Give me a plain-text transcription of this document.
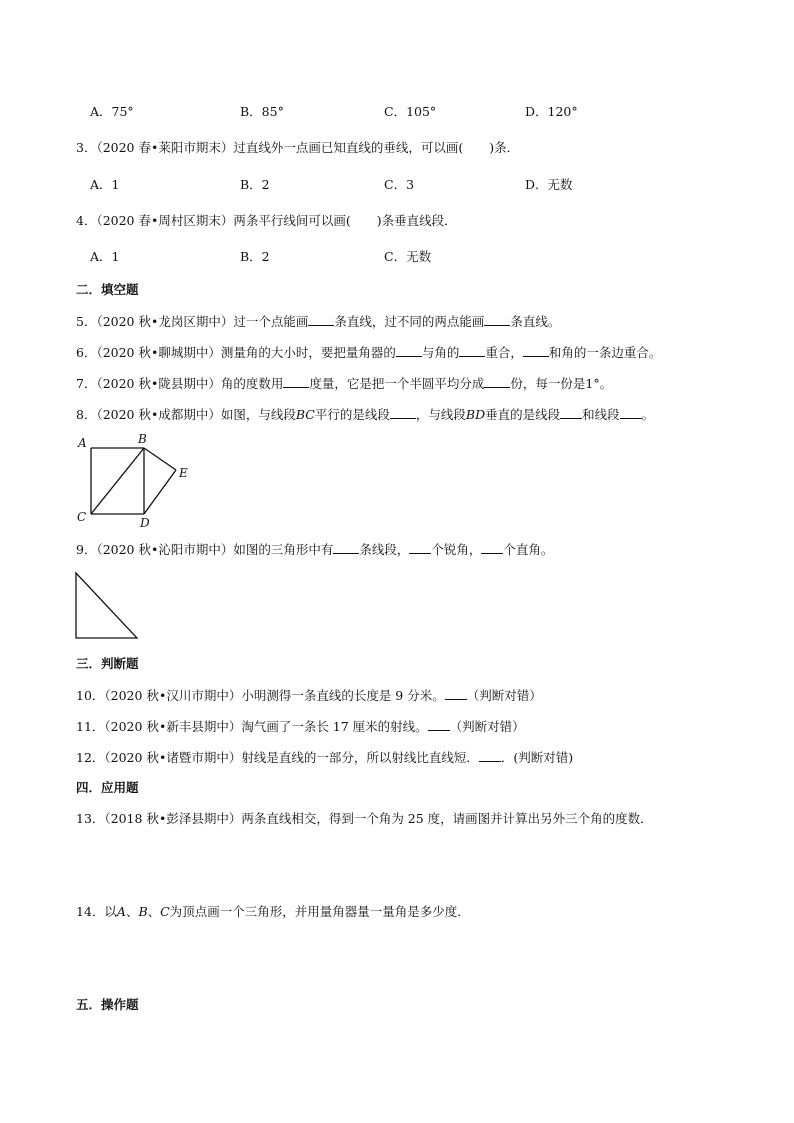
A．75°	B．85°	C．105°	D．120°
3．（2020 春•莱阳市期末）过直线外一点画已知直线的垂线，可以画( )条．
A．1	B．2	C．3	D．无数
4．（2020 春•周村区期末）两条平行线间可以画( )条垂直线段．
A．1	B．2	C．无数
二．填空题
5．（2020 秋•龙岗区期中）过一个点能画 条直线，过不同的两点能画 条直线。
6．（2020 秋•聊城期中）测量角的大小时，要把量角器的 与角的 重合， 和角的一条边重合。
7．（2020 秋•陇县期中）角的度数用 度量，它是把一个半圆平均分成 份，每一份是1°。
8．（2020 秋•成都期中）如图，与线段BC平行的是线段 ，与线段BD垂直的是线段 和线段 。
A	B
C	D
E
9．（2020 秋•沁阳市期中）如图的三角形中有 条线段， 个锐角， 个直角。
三．判断题
10．（2020 秋•汉川市期中）小明测得一条直线的长度是 9 分米。 （判断对错）
11．（2020 秋•新丰县期中）淘气画了一条长 17 厘米的射线。 （判断对错）
12．（2020 秋•诸暨市期中）射线是直线的一部分，所以射线比直线短． ．(判断对错)
四．应用题
13．（2018 秋•彭泽县期中）两条直线相交，得到一个角为 25 度，请画图并计算出另外三个角的度数．
14．以A、B、C为顶点画一个三角形，并用量角器量一量角是多少度．
五．操作题
